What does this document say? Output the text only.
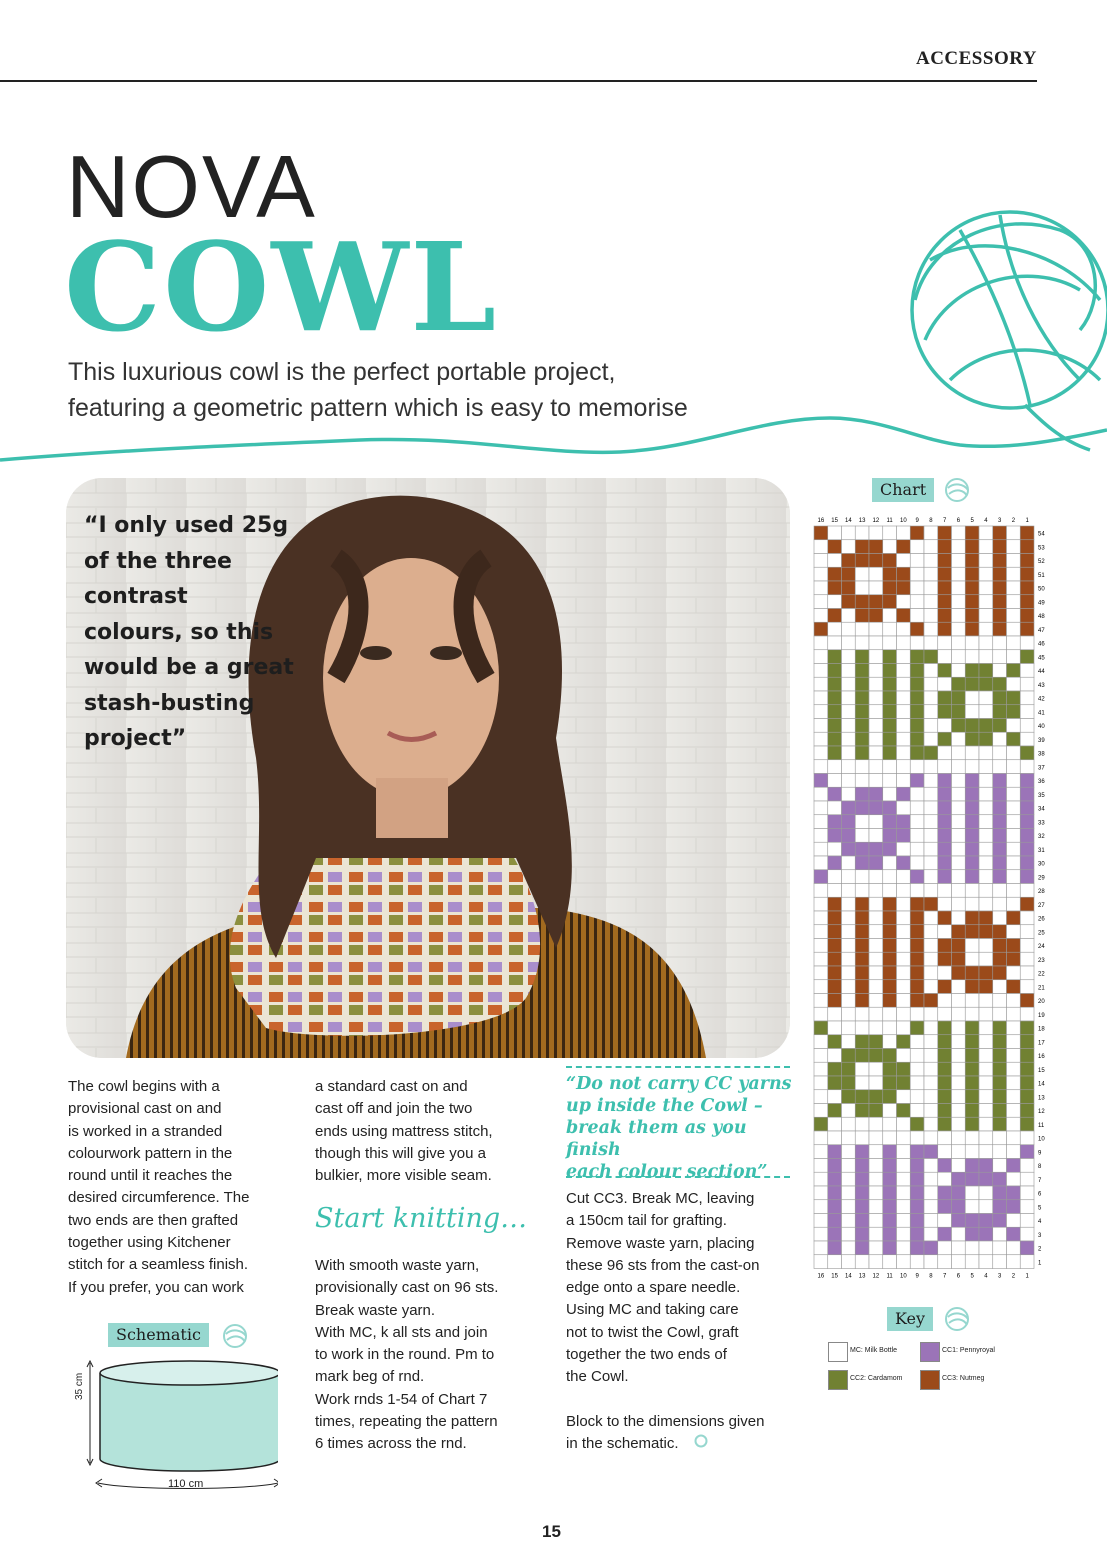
ACCESSORY
NOVA
COWL
This luxurious cowl is the perfect portable project,
featuring a geometric pattern which is easy to memorise
“I only used 25g of the three contrast colours, so this would be a great stash-busting project”
The cowl begins with a
provisional cast on and
is worked in a stranded
colourwork pattern in the
round until it reaches the
desired circumference. The
two ends are then grafted
together using Kitchener
stitch for a seamless finish.
If you prefer, you can work
a standard cast on and
cast off and join the two
ends using mattress stitch,
though this will give you a
bulkier, more visible seam.
Start knitting…
With smooth waste yarn,
provisionally cast on 96 sts.
Break waste yarn.
With MC, k all sts and join
to work in the round. Pm to
mark beg of rnd.
Work rnds 1-54 of Chart 7
times, repeating the pattern
6 times across the rnd.
“Do not carry CC yarns
up inside the Cowl –
break them as you finish
each colour section”
Cut CC3. Break MC, leaving
a 150cm tail for grafting.
Remove waste yarn, placing
these 96 sts from the cast-on
edge onto a spare needle.
Using MC and taking care
not to twist the Cowl, graft
together the two ends of
the Cowl.

Block to the dimensions given
in the schematic.
Schematic
35 cm
110 cm
Chart
54
53
52
51
50
49
48
47
46
45
44
43
42
41
40
39
38
37
36
35
34
33
32
31
30
29
28
27
26
25
24
23
22
21
20
19
18
17
16
15
14
13
12
11
10
9
8
7
6
5
4
3
2
1
16
16
15
15
14
14
13
13
12
12
11
11
10
10
9
9
8
8
7
7
6
6
5
5
4
4
3
3
2
2
1
1
Key
MC: Milk Bottle	CC1: Pennyroyal
CC2: Cardamom	CC3: Nutmeg
15
